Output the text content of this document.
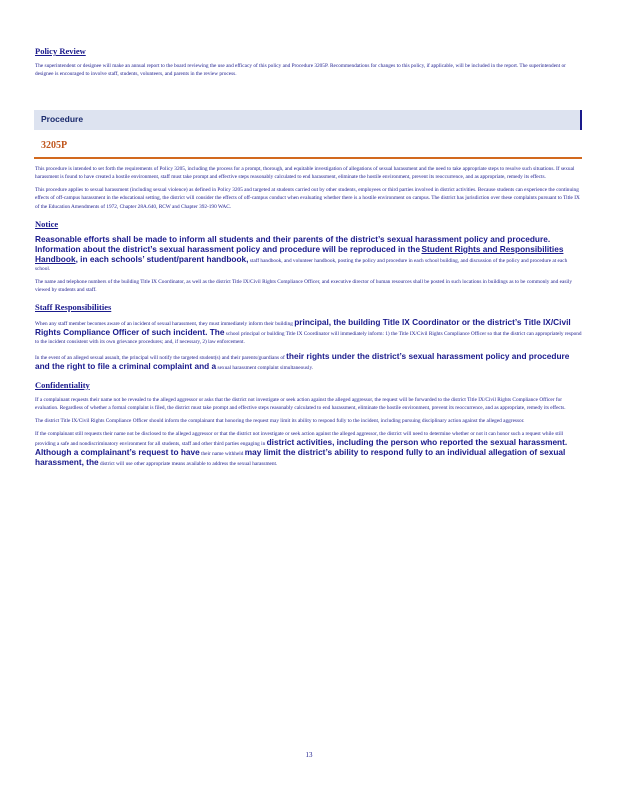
Policy Review

The superintendent or designee will make an annual report to the board reviewing the use and efficacy of this policy and Procedure 3205P. Recommendations for changes to this policy, if applicable, will be included in the report. The superintendent or designee is encouraged to involve staff, students, volunteers, and parents in the review process.

This procedure is intended to set forth the requirements of Policy 3205, including the process for a prompt, thorough, and equitable investigation of allegations of sexual harassment and the need to take appropriate steps to resolve such situations. If sexual harassment is found to have created a hostile environment, staff must take prompt and effective steps reasonably calculated to end harassment, eliminate the hostile environment, prevent its reoccurrence, and as appropriate, remedy its effects.

This procedure applies to sexual harassment (including sexual violence) as defined in Policy 3205 and targeted at students carried out by other students, employees or third parties involved in district activities. Because students can experience the continuing effects of off-campus harassment in the educational setting, the district will consider the effects of off-campus conduct when evaluating whether there is a hostile environment on campus. The district has jurisdiction over these complaints pursuant to Title IX of the Education Amendments of 1972, Chapter 28A.640, RCW and Chapter 392-190 WAC.

Notice

Reasonable efforts shall be made to inform all students and their parents of the district’s sexual harassment policy and procedure. Information about the district’s sexual harassment policy and procedure will be reproduced in the Student Rights and Responsibilities Handbook, in each schools’ student/parent handbook, staff handbook, and volunteer handbook, posting the policy and procedure in each school building, and discussion of the policy and procedure at each school.

The name and telephone numbers of the building Title IX Coordinator, as well as the district Title IX/Civil Rights Compliance Officer, and executive director of human resources shall be posted in such locations in buildings as to be commonly and easily viewed by students and staff.

Staff Responsibilities

When any staff member becomes aware of an incident of sexual harassment, they must immediately inform their building principal, the building Title IX Coordinator or the district’s Title IX/Civil Rights Compliance Officer of such incident. The school principal or building Title IX Coordinator will immediately inform: 1) the Title IX/Civil Rights Compliance Officer so that the district can appropriately respond to the incident consistent with its own grievance procedures; and, if necessary, 2) law enforcement.

In the event of an alleged sexual assault, the principal will notify the targeted student(s) and their parents/guardians of their rights under the district’s sexual harassment policy and procedure and the right to file a criminal complaint and a sexual harassment complaint simultaneously.

Confidentiality

If a complainant requests their name not be revealed to the alleged aggressor or asks that the district not investigate or seek action against the alleged aggressor, the request will be forwarded to the district Title IX/Civil Rights Compliance Officer for evaluation. Regardless of whether a formal complaint is filed, the district must take prompt and effective steps reasonably calculated to end harassment, eliminate the hostile environment, prevent its reoccurrence, and as appropriate, remedy its effects.

The district Title IX/Civil Rights Compliance Officer should inform the complainant that honoring the request may limit its ability to respond fully to the incident, including pursuing disciplinary action against the alleged aggressor.

If the complainant still requests their name not be disclosed to the alleged aggressor or that the district not investigate or seek action against the alleged aggressor, the district will need to determine whether or not it can honor such a request while still providing a safe and nondiscriminatory environment for all students, staff and other third parties engaging in district activities, including the person who reported the sexual harassment. Although a complainant’s request to have their name withheld may limit the district’s ability to respond fully to an individual allegation of sexual harassment, the district will use other appropriate means available to address the sexual harassment.

Procedure
3205P
13
